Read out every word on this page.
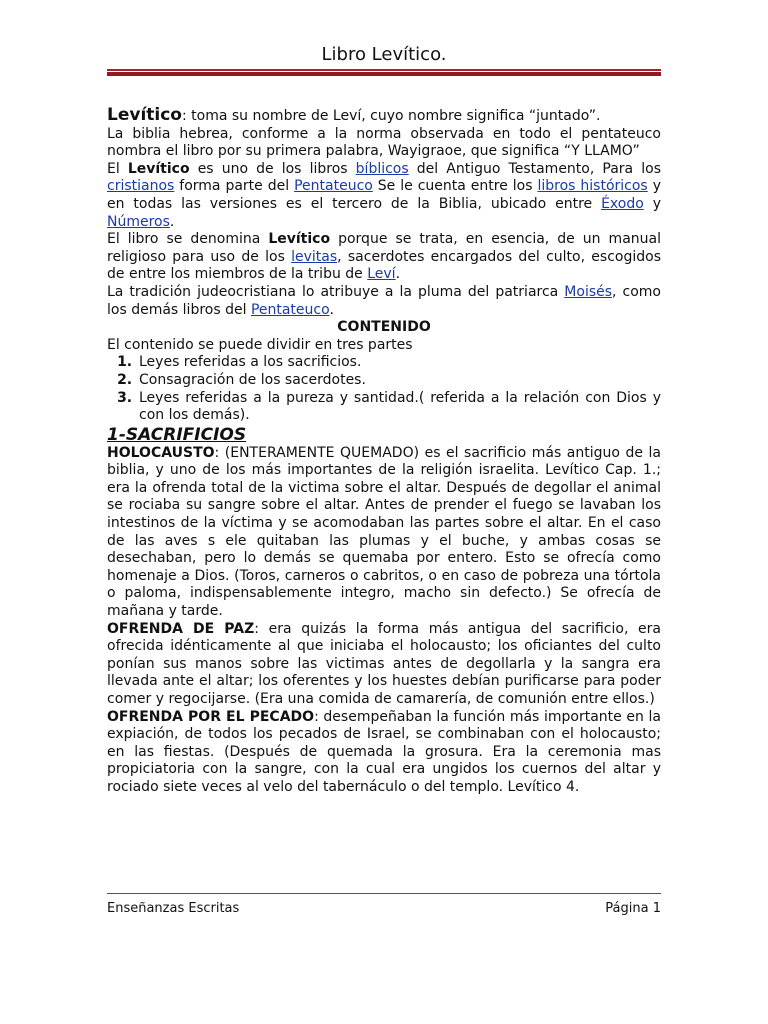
Libro Levítico.

Levítico: toma su nombre de Leví, cuyo nombre significa “juntado”.

La biblia hebrea, conforme a la norma observada en todo el pentateuco nombra el libro por su primera palabra, Wayigraoe, que significa “Y LLAMO”

El Levítico es uno de los libros bíblicos del Antiguo Testamento, Para los cristianos forma parte del Pentateuco Se le cuenta entre los libros históricos y en todas las versiones es el tercero de la Biblia, ubicado entre Éxodo y Números.

El libro se denomina Levítico porque se trata, en esencia, de un manual religioso para uso de los levitas, sacerdotes encargados del culto, escogidos de entre los miembros de la tribu de Leví.

La tradición judeocristiana lo atribuye a la pluma del patriarca Moisés, como los demás libros del Pentateuco.

CONTENIDO

El contenido se puede dividir en tres partes

1. Leyes referidas a los sacrificios.
2. Consagración de los sacerdotes.
3. Leyes referidas a la pureza y santidad.( referida a la relación con Dios y con los demás).

1-SACRIFICIOS

HOLOCAUSTO: (ENTERAMENTE QUEMADO) es el sacrificio más antiguo de la biblia, y uno de los más importantes de la religión israelita. Levítico Cap. 1.; era la ofrenda total de la victima sobre el altar. Después de degollar el animal se rociaba su sangre sobre el altar. Antes de prender el fuego se lavaban los intestinos de la víctima y se acomodaban las partes sobre el altar. En el caso de las aves s ele quitaban las plumas y el buche, y ambas cosas se desechaban, pero lo demás se quemaba por entero. Esto se ofrecía como homenaje a Dios. (Toros, carneros o cabritos, o en caso de pobreza una tórtola o paloma, indispensablemente integro, macho sin defecto.) Se ofrecía de mañana y tarde.

OFRENDA DE PAZ: era quizás la forma más antigua del sacrificio, era ofrecida idénticamente al que iniciaba el holocausto; los oficiantes del culto ponían sus manos sobre las victimas antes de degollarla y la sangra era llevada ante el altar; los oferentes y los huestes debían purificarse para poder comer y regocijarse. (Era una comida de camarería, de comunión entre ellos.)

OFRENDA POR EL PECADO: desempeñaban la función más importante en la expiación, de todos los pecados de Israel, se combinaban con el holocausto; en las fiestas. (Después de quemada la grosura. Era la ceremonia mas propiciatoria con la sangre, con la cual era ungidos los cuernos del altar y rociado siete veces al velo del tabernáculo o del templo. Levítico 4.

Enseñanzas Escritas	Página 1
